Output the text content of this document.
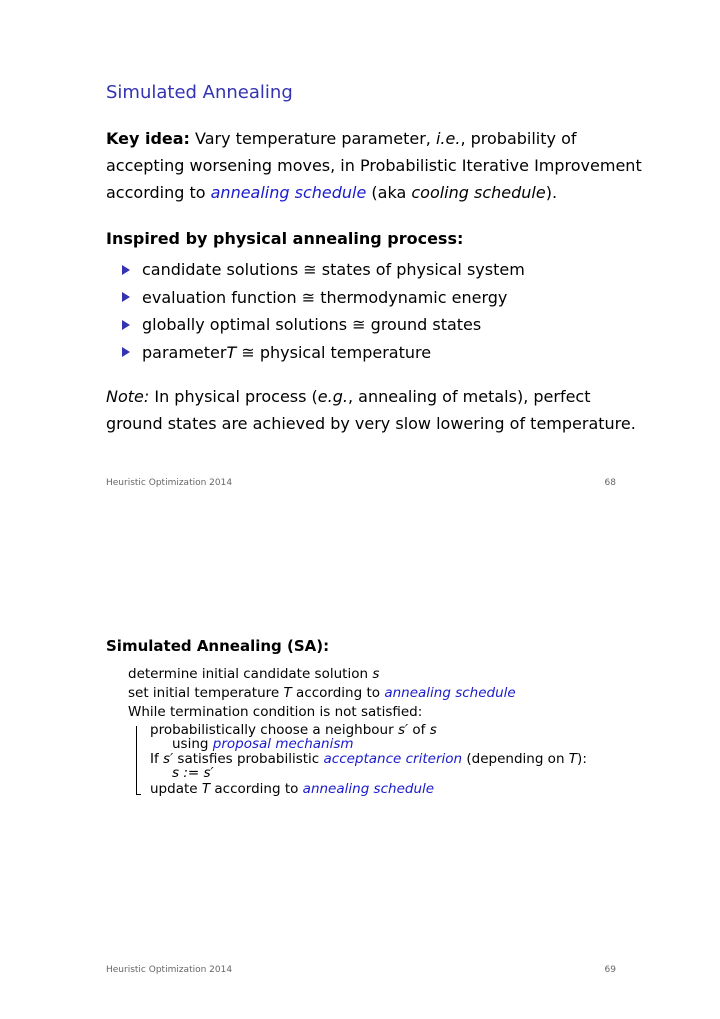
Simulated Annealing

Key idea: Vary temperature parameter, i.e., probability of accepting worsening moves, in Probabilistic Iterative Improvement according to annealing schedule (aka cooling schedule).

Inspired by physical annealing process:
candidate solutions
≅
states of physical system
evaluation function
≅
thermodynamic energy
globally optimal solutions
≅
ground states
parameter T
≅
physical temperature

Note: In physical process (e.g., annealing of metals), perfect ground states are achieved by very slow lowering of temperature.

Heuristic Optimization 2014	68
Simulated Annealing (SA):
determine initial candidate solution s
set initial temperature T according to annealing schedule
While termination condition is not satisfied:
probabilistically choose a neighbour s′ of s
using proposal mechanism
If s′ satisfies probabilistic acceptance criterion (depending on T):
s := s′
update T according to annealing schedule
Heuristic Optimization 2014	69
